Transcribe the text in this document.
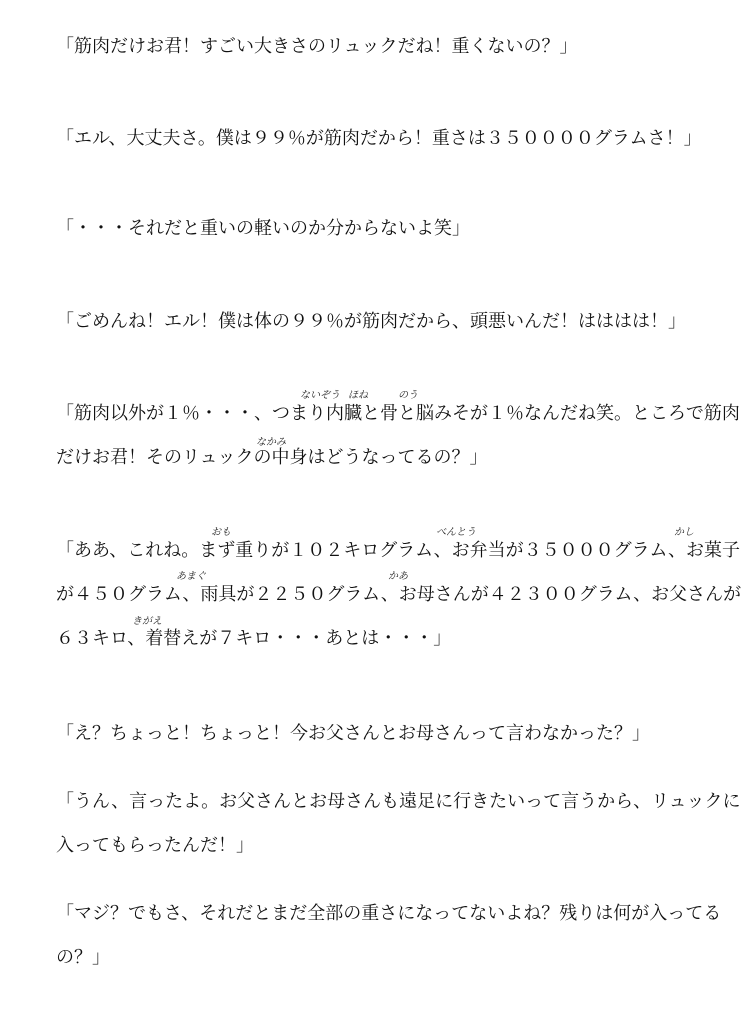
「筋肉だけお君！すごい大きさのリュックだね！重くないの？」
「エル、大丈夫さ。僕は９９％が筋肉だから！重さは３５００００グラムさ！」
「・・・それだと重いの軽いのか分からないよ笑」
「ごめんね！エル！僕は体の９９％が筋肉だから、頭悪いんだ！はははは！」
ないぞう ほね	のう
「筋肉以外が１％・・・、つまり内臓と骨と脳みそが１％なんだね笑。ところで筋肉
なかみ
だけお君！そのリュックの中身はどうなってるの？」
おも	べんとう	かし
「ああ、これね。まず重りが１０２キログラム、お弁当が３５０００グラム、お菓子
あまぐ	かあ
が４５０グラム、雨具が２２５０グラム、お母さんが４２３００グラム、お父さんが
きがえ
６３キロ、着替えが７キロ・・・あとは・・・」
「え？ちょっと！ちょっと！今お父さんとお母さんって言わなかった？」
「うん、言ったよ。お父さんとお母さんも遠足に行きたいって言うから、リュックに
入ってもらったんだ！」
「マジ？でもさ、それだとまだ全部の重さになってないよね？残りは何が入ってる
の？」
